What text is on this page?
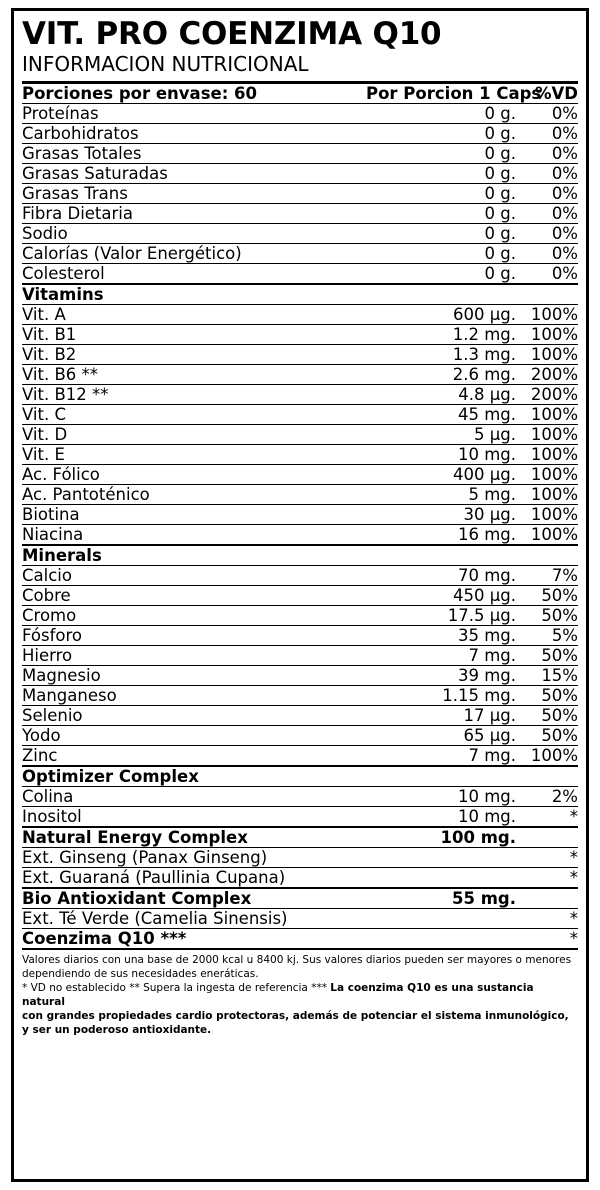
VIT. PRO COENZIMA Q10
INFORMACION NUTRICIONAL
Porciones por envase: 60	Por Porcion 1 Caps	%VD
Proteínas	0 g.	0%
Carbohidratos	0 g.	0%
Grasas Totales	0 g.	0%
Grasas Saturadas	0 g.	0%
Grasas Trans	0 g.	0%
Fibra Dietaria	0 g.	0%
Sodio	0 g.	0%
Calorías (Valor Energético)	0 g.	0%
Colesterol	0 g.	0%
Vitamins		
Vit. A	600 µg.	100%
Vit. B1	1.2 mg.	100%
Vit. B2	1.3 mg.	100%
Vit. B6 **	2.6 mg.	200%
Vit. B12 **	4.8 µg.	200%
Vit. C	45 mg.	100%
Vit. D	5 µg.	100%
Vit. E	10 mg.	100%
Ac. Fólico	400 µg.	100%
Ac. Pantoténico	5 mg.	100%
Biotina	30 µg.	100%
Niacina	16 mg.	100%
Minerals		
Calcio	70 mg.	7%
Cobre	450 µg.	50%
Cromo	17.5 µg.	50%
Fósforo	35 mg.	5%
Hierro	7 mg.	50%
Magnesio	39 mg.	15%
Manganeso	1.15 mg.	50%
Selenio	17 µg.	50%
Yodo	65 µg.	50%
Zinc	7 mg.	100%
Optimizer Complex		
Colina	10 mg.	2%
Inositol	10 mg.	*
Natural Energy Complex	100 mg.	
Ext. Ginseng (Panax Ginseng)		*
Ext. Guaraná (Paullinia Cupana)		*
Bio Antioxidant Complex	55 mg.	
Ext. Té Verde (Camelia Sinensis)		*
Coenzima Q10 ***		*

Valores diarios con una base de 2000 kcal u 8400 kj. Sus valores diarios pueden ser mayores o menores

dependiendo de sus necesidades eneráticas.

* VD no establecido ** Supera la ingesta de referencia *** La coenzima Q10 es una sustancia natural

con grandes propiedades cardio protectoras, además de potenciar el sistema inmunológico,

y ser un poderoso antioxidante.
